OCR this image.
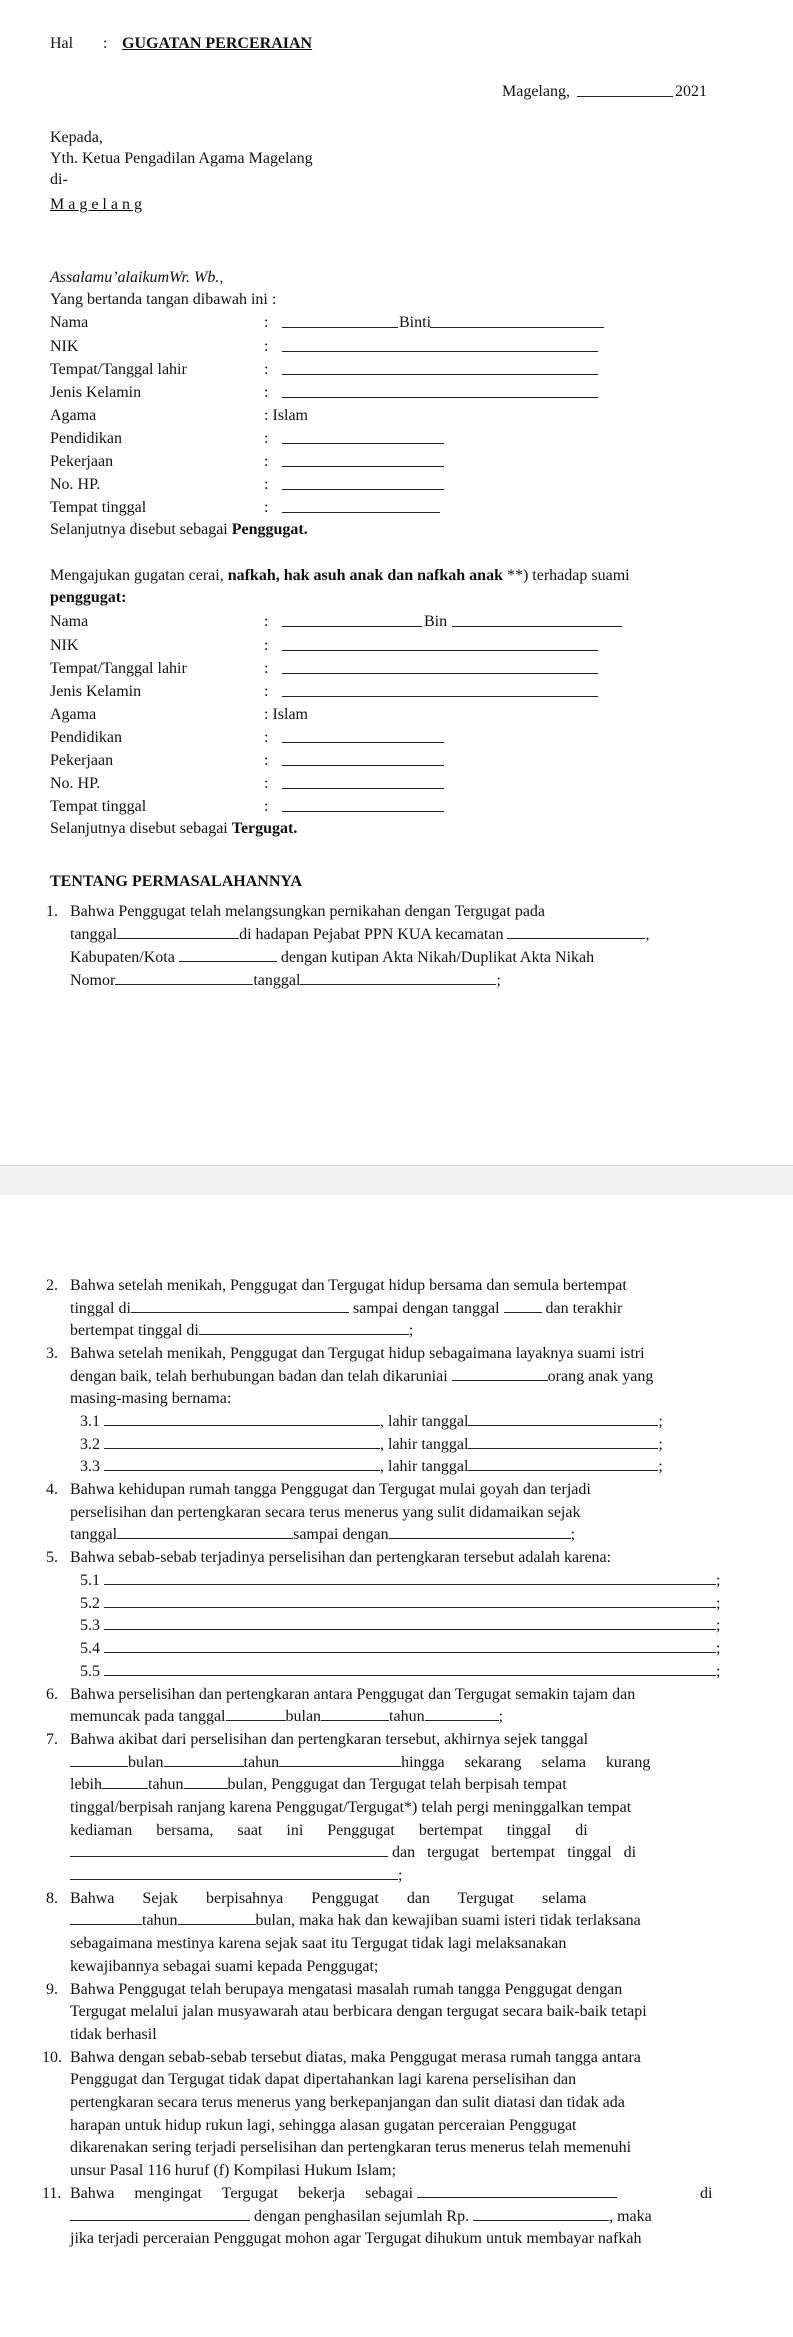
Hal : GUGATAN PERCERAIAN
Magelang,	2021
Kepada,
Yth. Ketua Pengadilan Agama Magelang
di-
M a g e l a n g
Assalamu’alaikumWr. Wb.,
Yang bertanda tangan dibawah ini :
Nama	:	Binti
NIK	:
Tempat/Tanggal lahir	:
Jenis Kelamin	:
Agama	: Islam
Pendidikan	:
Pekerjaan	:
No. HP.	:
Tempat tinggal	:
Selanjutnya disebut sebagai Penggugat.
Mengajukan gugatan cerai, nafkah, hak asuh anak dan nafkah anak **) terhadap suami
penggugat:
Nama	:	Bin
NIK	:
Tempat/Tanggal lahir	:
Jenis Kelamin	:
Agama	: Islam
Pendidikan	:
Pekerjaan	:
No. HP.	:
Tempat tinggal	:
Selanjutnya disebut sebagai Tergugat.
TENTANG PERMASALAHANNYA
1. Bahwa Penggugat telah melangsungkan pernikahan dengan Tergugat pada
tanggal	di hadapan Pejabat PPN KUA kecamatan	,
Kabupaten/Kota	dengan kutipan Akta Nikah/Duplikat Akta Nikah
Nomor	tanggal	;
2. Bahwa setelah menikah, Penggugat dan Tergugat hidup bersama dan semula bertempat
tinggal di	sampai dengan tanggal	dan terakhir
bertempat tinggal di	;
3. Bahwa setelah menikah, Penggugat dan Tergugat hidup sebagaimana layaknya suami istri
dengan baik, telah berhubungan badan dan telah dikaruniai	orang anak yang
masing-masing bernama:
3.1	, lahir tanggal	;
3.2	, lahir tanggal	;
3.3	, lahir tanggal	;
4. Bahwa kehidupan rumah tangga Penggugat dan Tergugat mulai goyah dan terjadi
perselisihan dan pertengkaran secara terus menerus yang sulit didamaikan sejak
tanggal	sampai dengan	;
5. Bahwa sebab-sebab terjadinya perselisihan dan pertengkaran tersebut adalah karena:
5.1	;
5.2	;
5.3	;
5.4	;
5.5	;
6. Bahwa perselisihan dan pertengkaran antara Penggugat dan Tergugat semakin tajam dan
memuncak pada tanggal	bulan	tahun	;
7. Bahwa akibat dari perselisihan dan pertengkaran tersebut, akhirnya sejek tanggal
bulan	tahun	hingga     sekarang     selama     kurang
lebih	tahun	bulan, Penggugat dan Tergugat telah berpisah tempat
tinggal/berpisah ranjang karena Penggugat/Tergugat*) telah pergi meninggalkan tempat
kediaman      bersama,      saat      ini      Penggugat      bertempat      tinggal      di
dan   tergugat   bertempat   tinggal   di
;
8. Bahwa       Sejak       berpisahnya       Penggugat       dan       Tergugat       selama
tahun	bulan, maka hak dan kewajiban suami isteri tidak terlaksana
sebagaimana mestinya karena sejak saat itu Tergugat tidak lagi melaksanakan
kewajibannya sebagai suami kepada Penggugat;
9. Bahwa Penggugat telah berupaya mengatasi masalah rumah tangga Penggugat dengan
Tergugat melalui jalan musyawarah atau berbicara dengan tergugat secara baik-baik tetapi
tidak berhasil
10. Bahwa dengan sebab-sebab tersebut diatas, maka Penggugat merasa rumah tangga antara
Penggugat dan Tergugat tidak dapat dipertahankan lagi karena perselisihan dan
pertengkaran secara terus menerus yang berkepanjangan dan sulit diatasi dan tidak ada
harapan untuk hidup rukun lagi, sehingga alasan gugatan perceraian Penggugat
dikarenakan sering terjadi perselisihan dan pertengkaran terus menerus telah memenuhi
unsur Pasal 116 huruf (f) Kompilasi Hukum Islam;
11. Bahwa     mengingat     Tergugat     bekerja     sebagai	di
dengan penghasilan sejumlah Rp.	, maka
jika terjadi perceraian Penggugat mohon agar Tergugat dihukum untuk membayar nafkah
